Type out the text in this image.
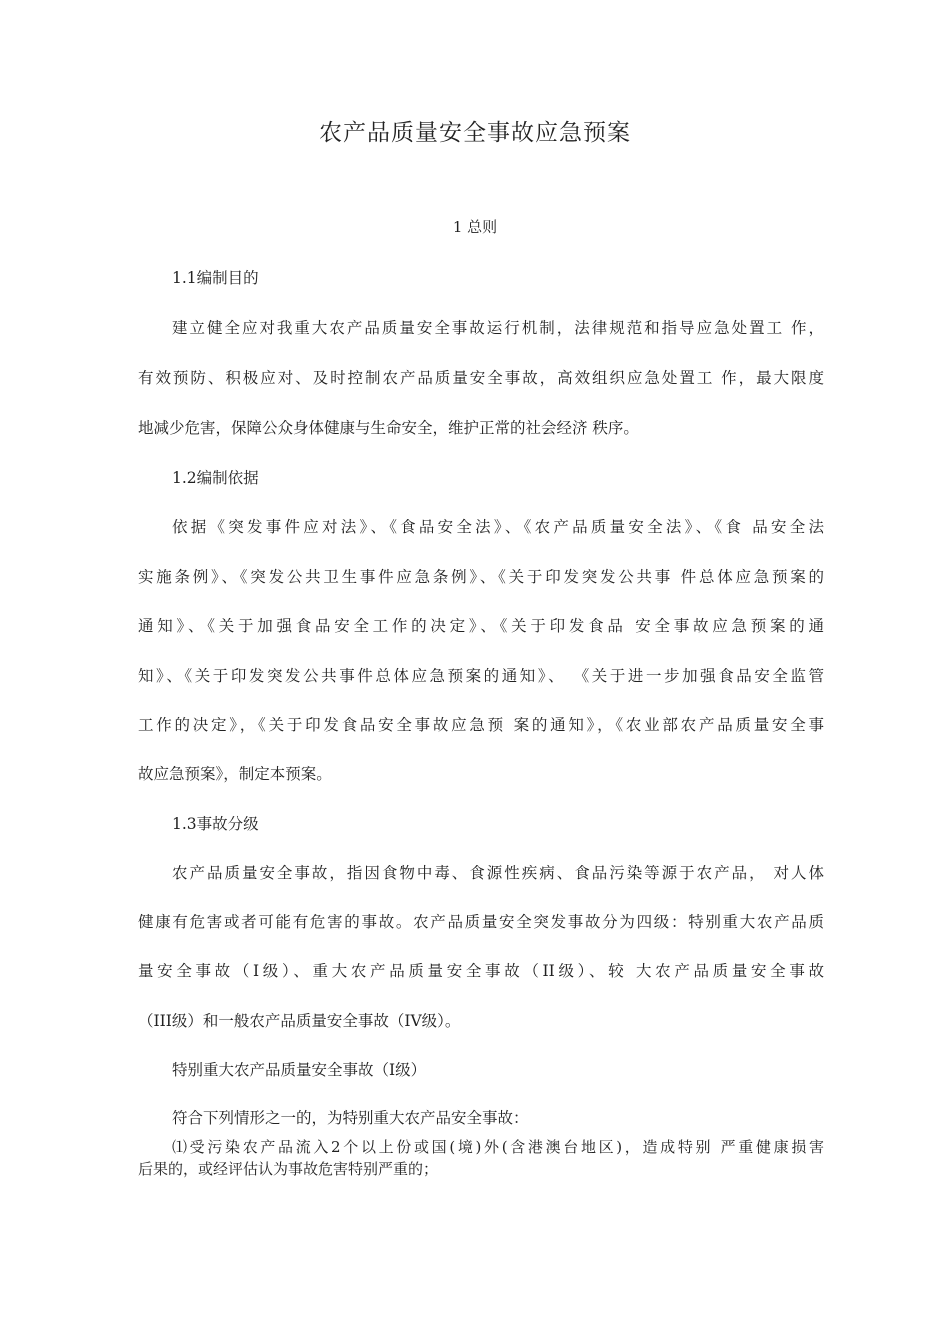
农产品质量安全事故应急预案
1 总则
1.1编制目的
建立健全应对我重大农产品质量安全事故运行机制，法律规范和指导应急处置工 作，
有效预防、积极应对、及时控制农产品质量安全事故，高效组织应急处置工 作，最大限度
地减少危害，保障公众身体健康与生命安全，维护正常的社会经济 秩序。
1.2编制依据
依据《突发事件应对法》、《食品安全法》、《农产品质量安全法》、《食 品安全法
实施条例》、《突发公共卫生事件应急条例》、《关于印发突发公共事 件总体应急预案的
通知》、《关于加强食品安全工作的决定》、《关于印发食品 安全事故应急预案的通
知》、《关于印发突发公共事件总体应急预案的通知》、 《关于进一步加强食品安全监管
工作的决定》，《关于印发食品安全事故应急预 案的通知》，《农业部农产品质量安全事
故应急预案》，制定本预案。
1.3事故分级
农产品质量安全事故，指因食物中毒、食源性疾病、食品污染等源于农产品， 对人体
健康有危害或者可能有危害的事故。农产品质量安全突发事故分为四级：特别重大农产品质
量安全事故（I级）、重大农产品质量安全事故（II级）、较 大农产品质量安全事故
（III级）和一般农产品质量安全事故（IV级）。
特别重大农产品质量安全事故（I级）
符合下列情形之一的，为特别重大农产品安全事故：
⑴受污染农产品流入2个以上份或国(境)外(含港澳台地区)，造成特别 严重健康损害
后果的，或经评估认为事故危害特别严重的；
